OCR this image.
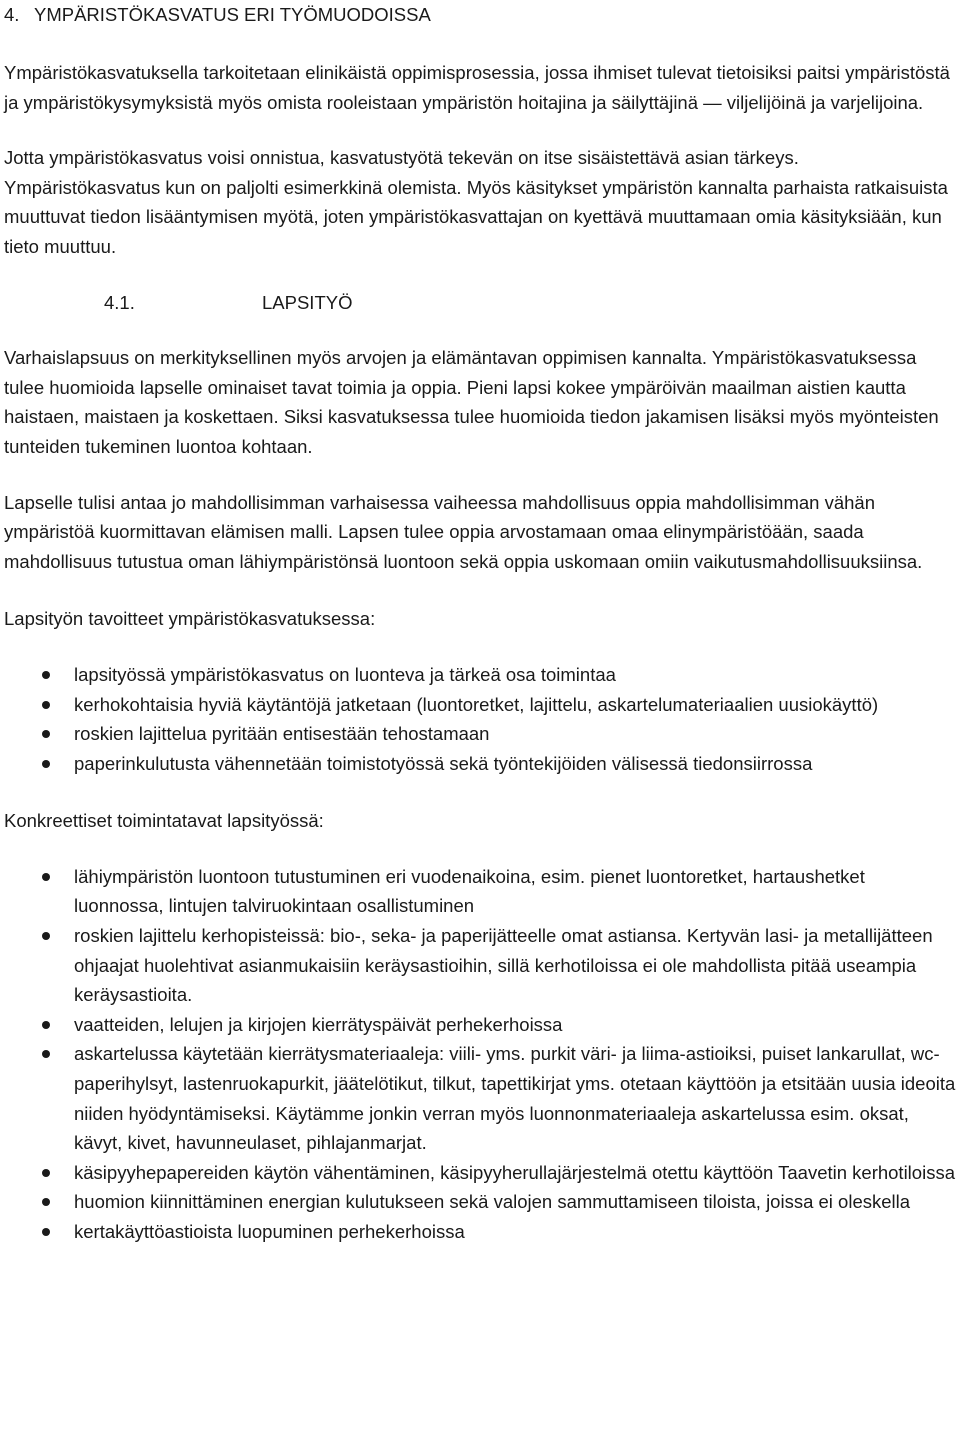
4. YMPÄRISTÖKASVATUS ERI TYÖMUODOISSA

Ympäristökasvatuksella tarkoitetaan elinikäistä oppimisprosessia, jossa ihmiset tulevat tietoisiksi paitsi ympäristöstä ja ympäristökysymyksistä myös omista rooleistaan ympäristön hoitajina ja säilyttäjinä — viljelijöinä ja varjelijoina.

Jotta ympäristökasvatus voisi onnistua, kasvatustyötä tekevän on itse sisäistettävä asian tärkeys. Ympäristökasvatus kun on paljolti esimerkkinä olemista. Myös käsitykset ympäristön kannalta parhaista ratkaisuista muuttuvat tiedon lisääntymisen myötä, joten ympäristökasvattajan on kyettävä muuttamaan omia käsityksiään, kun tieto muuttuu.

4.1.	LAPSITYÖ

Varhaislapsuus on merkityksellinen myös arvojen ja elämäntavan oppimisen kannalta. Ympäristökasvatuksessa tulee huomioida lapselle ominaiset tavat toimia ja oppia. Pieni lapsi kokee ympäröivän maailman aistien kautta haistaen, maistaen ja koskettaen. Siksi kasvatuksessa tulee huomioida tiedon jakamisen lisäksi myös myönteisten tunteiden tukeminen luontoa kohtaan.

Lapselle tulisi antaa jo mahdollisimman varhaisessa vaiheessa mahdollisuus oppia mahdollisimman vähän ympäristöä kuormittavan elämisen malli. Lapsen tulee oppia arvostamaan omaa elinympäristöään, saada mahdollisuus tutustua oman lähiympäristönsä luontoon sekä oppia uskomaan omiin vaikutusmahdollisuuksiinsa.

Lapsityön tavoitteet ympäristökasvatuksessa:

lapsityössä ympäristökasvatus on luonteva ja tärkeä osa toimintaa
kerhokohtaisia hyviä käytäntöjä jatketaan (luontoretket, lajittelu, askartelumateriaalien uusiokäyttö)
roskien lajittelua pyritään entisestään tehostamaan
paperinkulutusta vähennetään toimistotyössä sekä työntekijöiden välisessä tiedonsiirrossa

Konkreettiset toimintatavat lapsityössä:

lähiympäristön luontoon tutustuminen eri vuodenaikoina, esim. pienet luontoretket, hartaushetket luonnossa, lintujen talviruokintaan osallistuminen
roskien lajittelu kerhopisteissä: bio-, seka- ja paperijätteelle omat astiansa. Kertyvän lasi- ja metallijätteen ohjaajat huolehtivat asianmukaisiin keräysastioihin, sillä kerhotiloissa ei ole mahdollista pitää useampia keräysastioita.
vaatteiden, lelujen ja kirjojen kierrätyspäivät perhekerhoissa
askartelussa käytetään kierrätysmateriaaleja: viili- yms. purkit väri- ja liima-astioiksi, puiset lankarullat, wc-paperihylsyt, lastenruokapurkit, jäätelötikut, tilkut, tapettikirjat yms. otetaan käyttöön ja etsitään uusia ideoita niiden hyödyntämiseksi. Käytämme jonkin verran myös luonnonmateriaaleja askartelussa esim. oksat, kävyt, kivet, havunneulaset, pihlajanmarjat.
käsipyyhepapereiden käytön vähentäminen, käsipyyherullajärjestelmä otettu käyttöön Taavetin kerhotiloissa
huomion kiinnittäminen energian kulutukseen sekä valojen sammuttamiseen tiloista, joissa ei oleskella
kertakäyttöastioista luopuminen perhekerhoissa
